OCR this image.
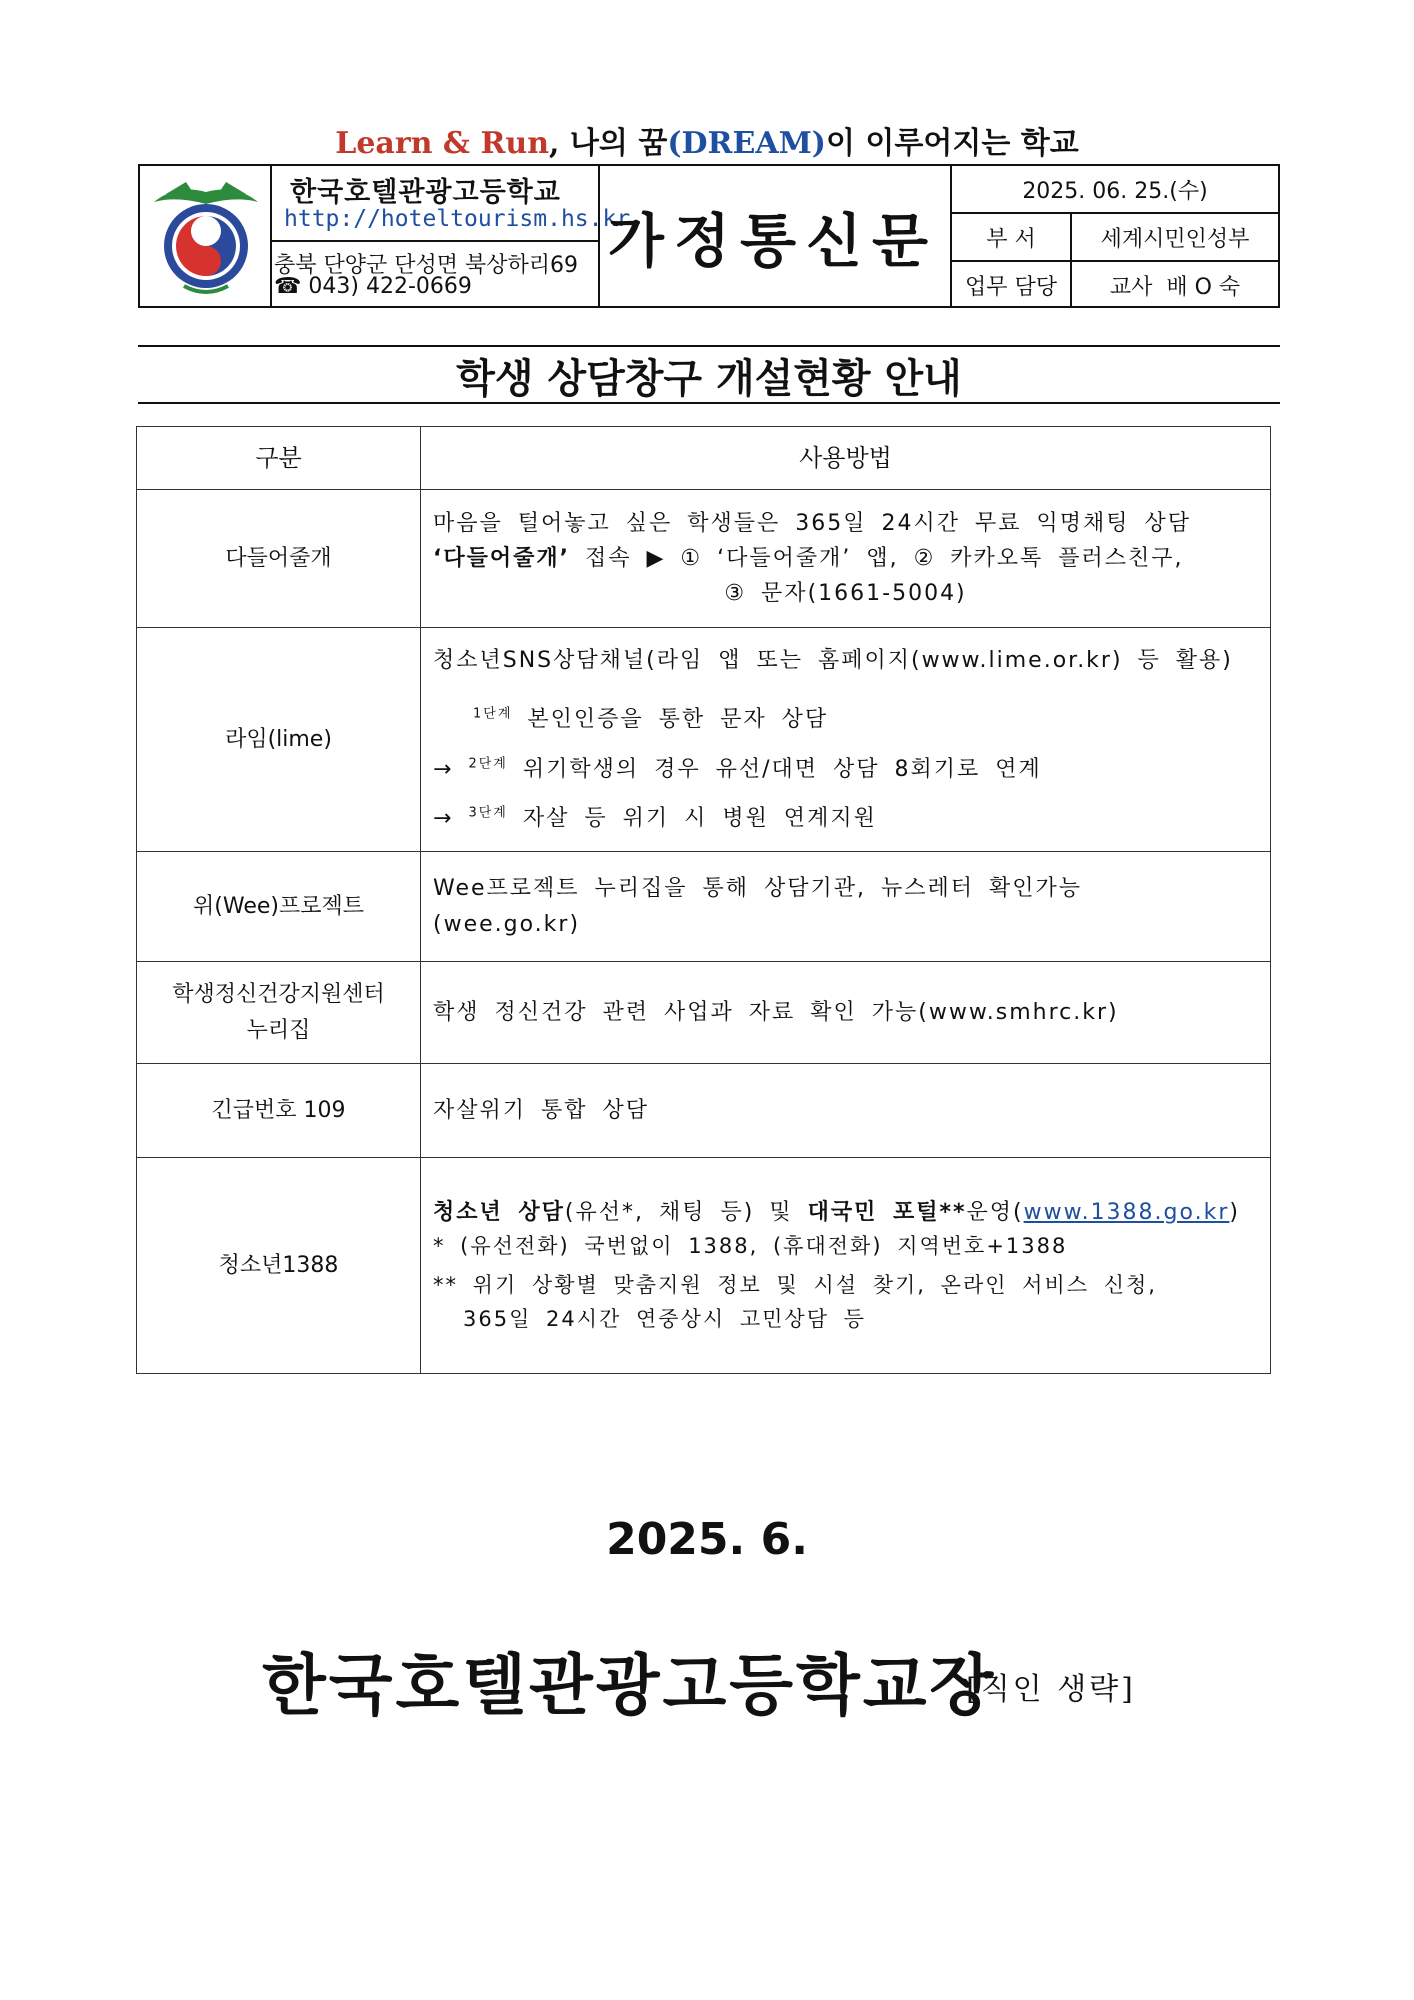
Learn & Run, 나의 꿈(DREAM)이 이루어지는 학교
한국호텔관광고등학교
http://hoteltourism.hs.kr
충북 단양군 단성면 북상하리69
☎ 043) 422-0669
가정통신문
2025. 06. 25.(수)
부 서	세계시민인성부
업무 담당	교사  배 O 숙
학생 상담창구 개설현황 안내
구분	사용방법
다들어줄개	마음을 털어놓고 싶은 학생들은 365일 24시간 무료 익명채팅 상담
‘다들어줄개’ 접속 ▶ ① ‘다들어줄개’ 앱, ② 카카오톡 플러스친구,
③ 문자(1661-5004)

라임(lime)	청소년SNS상담채널(라임 앱 또는 홈페이지(www.lime.or.kr) 등 활용)
$^{1단계}$ 본인인증을 통한 문자 상담
→ $^{2단계}$ 위기학생의 경우 유선/대면 상담 8회기로 연계
→ $^{3단계}$ 자살 등 위기 시 병원 연계지원

위(Wee)프로젝트	Wee프로젝트 누리집을 통해 상담기관, 뉴스레터 확인가능
(wee.go.kr)

학생정신건강지원센터
누리집	학생 정신건강 관련 사업과 자료 확인 가능(www.smhrc.kr)
긴급번호 109	자살위기 통합 상담
청소년1388	청소년 상담(유선*, 채팅 등) 및 대국민 포털**운영(www.1388.go.kr)
* (유선전화) 국번없이 1388, (휴대전화) 지역번호+1388
** 위기 상황별 맞춤지원 정보 및 시설 찾기, 온라인 서비스 신청,
365일 24시간 연중상시 고민상담 등
2025. 6.
한국호텔관광고등학교장
[직인 생략]
